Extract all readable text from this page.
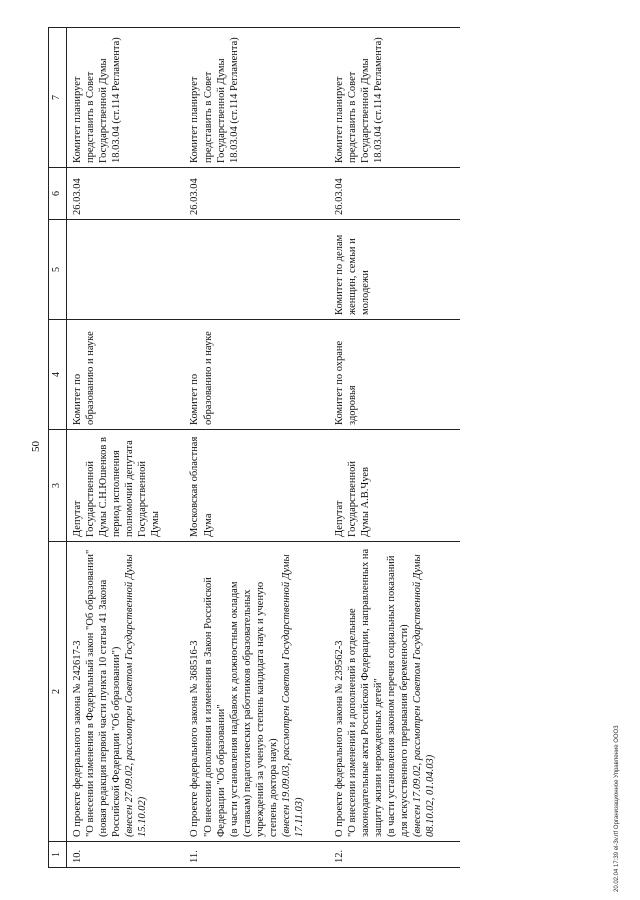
50
20.02.04 17:39 el-3v.rtf Организационное Управление ООО3
1	2	3	4	5	6	7
10.	О проекте федерального закона № 242617-3 "О внесении изменения в Федеральный закон "Об образовании"
(новая редакция первой части пункта 10 статьи 41 Закона Российской Федерации "Об образовании") (внесен 27.09.02, рассмотрен Советом Государственной Думы 15.10.02)	Депутат Государственной Думы С.Н.Юшенков в период исполнения полномочий депутата Государственной Думы	Комитет по образованию и науке		26.03.04	Комитет планирует представить в Совет Государственной Думы 18.03.04 (ст.114 Регламента)
11.	О проекте федерального закона № 368516-3 "О внесении дополнения и изменения в Закон Российской Федерации "Об образовании"
(в части установления надбавок к должностным окладам (ставкам) педагогических работников образовательных учреждений за ученую степень кандидата наук и ученую степень доктора наук) (внесен 19.09.03, рассмотрен Советом Государственной Думы 17.11.03)	Московская областная Дума	Комитет по образованию и науке		26.03.04	Комитет планирует представить в Совет Государственной Думы 18.03.04 (ст.114 Регламента)
12.	О проекте федерального закона № 239562-3 "О внесении изменений и дополнений в отдельные законодательные акты Российской Федерации, направленных на защиту жизни нерожденных детей"
(в части установления законом перечня социальных показаний для искусственного прерывания беременности) (внесен 17.09.02, рассмотрен Советом Государственной Думы 08.10.02, 01.04.03)	Депутат Государственной Думы А.В.Чуев	Комитет по охране здоровья	Комитет по делам женщин, семьи и молодежи	26.03.04	Комитет планирует представить в Совет Государственной Думы 18.03.04 (ст.114 Регламента)
